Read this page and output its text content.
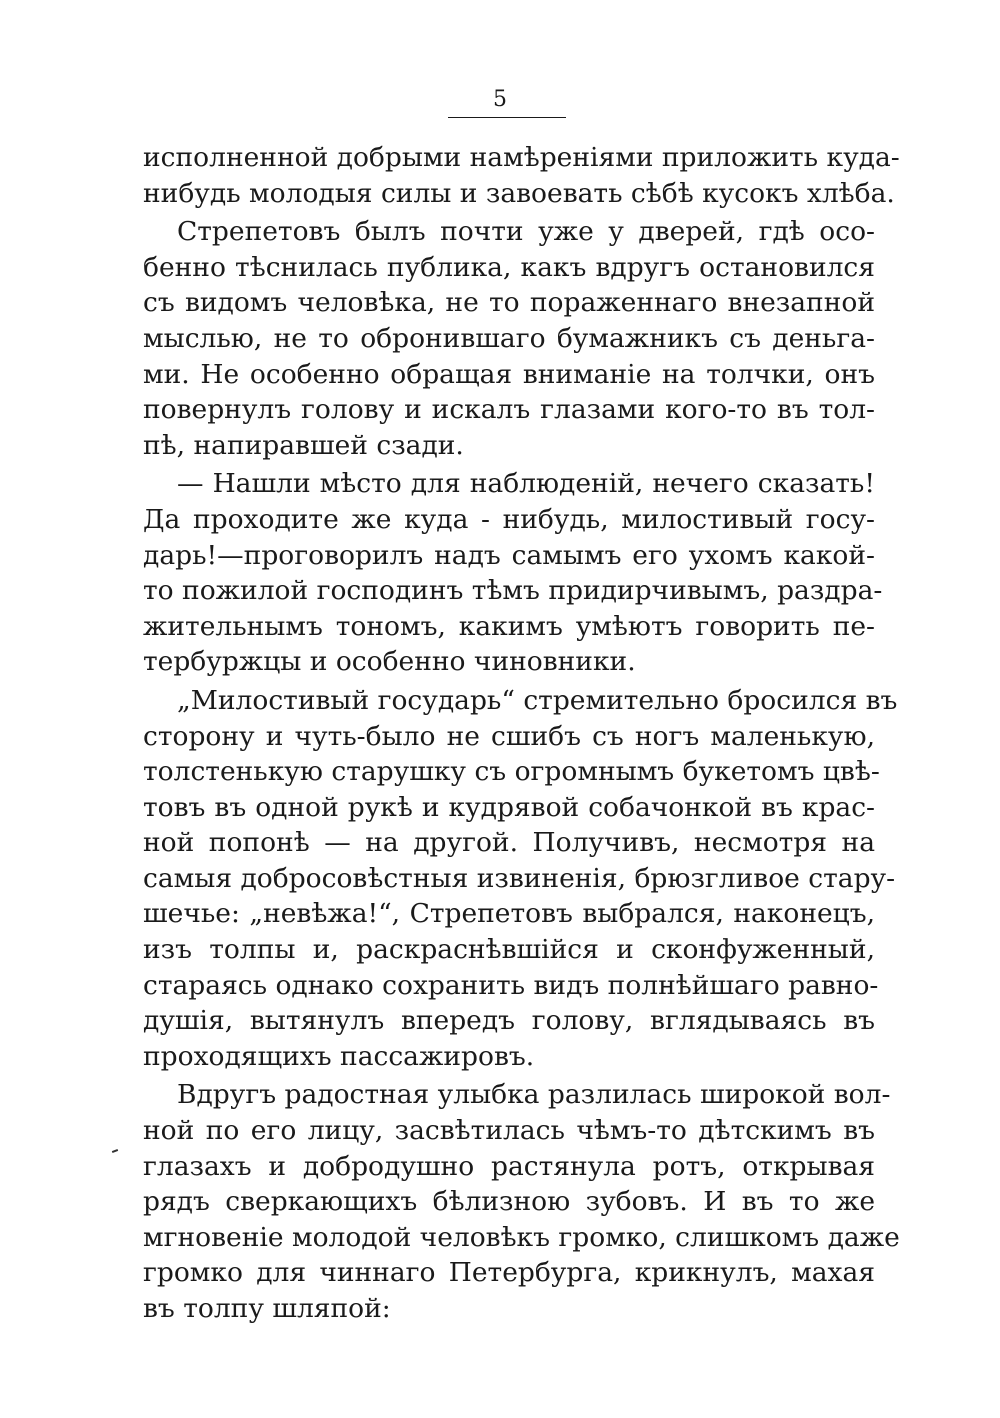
5
исполненной добрыми намѣреніями приложить куда-
нибудь молодыя силы и завоевать сѣбѣ кусокъ хлѣба.
Стрепетовъ былъ почти уже у дверей, гдѣ осо-
бенно тѣснилась публика, какъ вдругъ остановился
съ видомъ человѣка, не то пораженнаго внезапной
мыслью, не то обронившаго бумажникъ съ деньга-
ми. Не особенно обращая вниманіе на толчки, онъ
повернулъ голову и искалъ глазами кого-то въ тол-
пѣ, напиравшей сзади.
— Нашли мѣсто для наблюденій, нечего сказать!
Да проходите же куда - нибудь, милостивый госу-
дарь!—проговорилъ надъ самымъ его ухомъ какой-
то пожилой господинъ тѣмъ придирчивымъ, раздра-
жительнымъ тономъ, какимъ умѣютъ говорить пе-
тербуржцы и особенно чиновники.
„Милостивый государь“ стремительно бросился въ
сторону и чуть-было не сшибъ съ ногъ маленькую,
толстенькую старушку съ огромнымъ букетомъ цвѣ-
товъ въ одной рукѣ и кудрявой собачонкой въ крас-
ной попонѣ — на другой. Получивъ, несмотря на
самыя добросовѣстныя извиненія, брюзгливое стару-
шечье: „невѣжа!“, Стрепетовъ выбрался, наконецъ,
изъ толпы и, раскраснѣвшійся и сконфуженный,
стараясь однако сохранить видъ полнѣйшаго равно-
душія, вытянулъ впередъ голову, вглядываясь въ
проходящихъ пассажировъ.
Вдругъ радостная улыбка разлилась широкой вол-
ной по его лицу, засвѣтилась чѣмъ-то дѣтскимъ въ
глазахъ и добродушно растянула ротъ, открывая
рядъ сверкающихъ бѣлизною зубовъ. И въ то же
мгновеніе молодой человѣкъ громко, слишкомъ даже
громко для чиннаго Петербурга, крикнулъ, махая
въ толпу шляпой:
